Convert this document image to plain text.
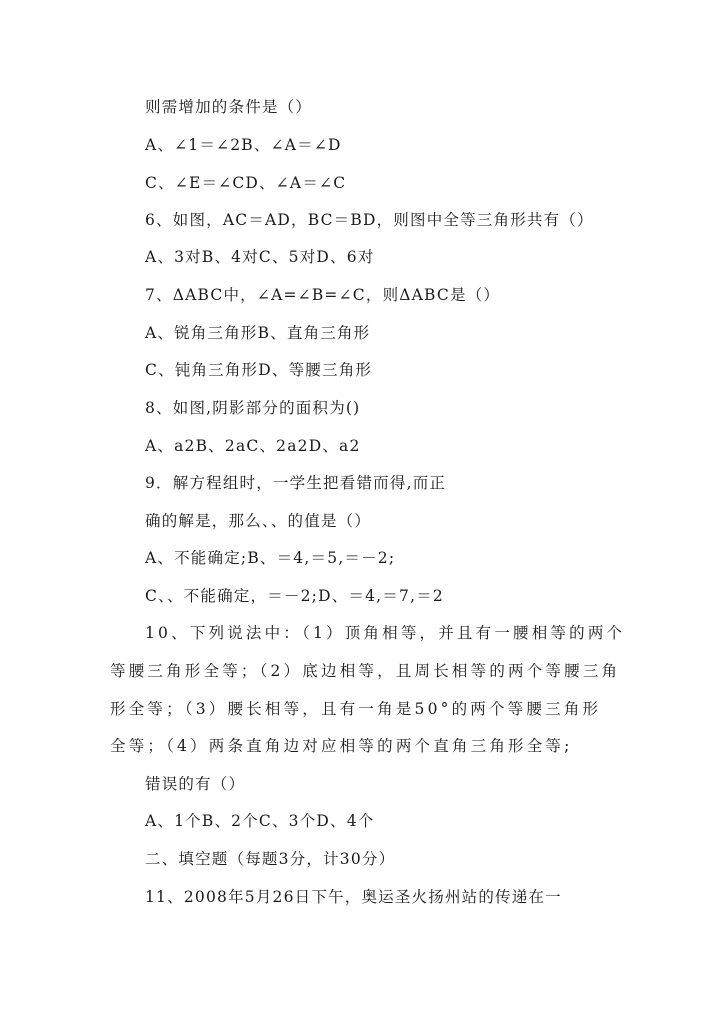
则需增加的条件是（）
A、∠1＝∠2B、∠A＝∠D
C、∠E＝∠CD、∠A＝∠C
6、如图，AC＝AD，BC＝BD，则图中全等三角形共有（）
A、3对B、4对C、5对D、6对
7、ΔABC中，∠A=∠B=∠C，则ΔABC是（）
A、锐角三角形B、直角三角形
C、钝角三角形D、等腰三角形
8、如图,阴影部分的面积为()
A、a2B、2aC、2a2D、a2
9．解方程组时，一学生把看错而得,而正
确的解是，那么、、的值是（）
A、不能确定;B、＝4,＝5,＝－2;
C、、不能确定，＝－2;D、＝4,＝7,＝2
10、下列说法中：（1）顶角相等，并且有一腰相等的两个
等腰三角形全等；（2）底边相等，且周长相等的两个等腰三角
形全等；（3）腰长相等，且有一角是50°的两个等腰三角形
全等；（4）两条直角边对应相等的两个直角三角形全等;
错误的有（）
A、1个B、2个C、3个D、4个
二、填空题（每题3分，计30分）
11、2008年5月26日下午，奥运圣火扬州站的传递在一
